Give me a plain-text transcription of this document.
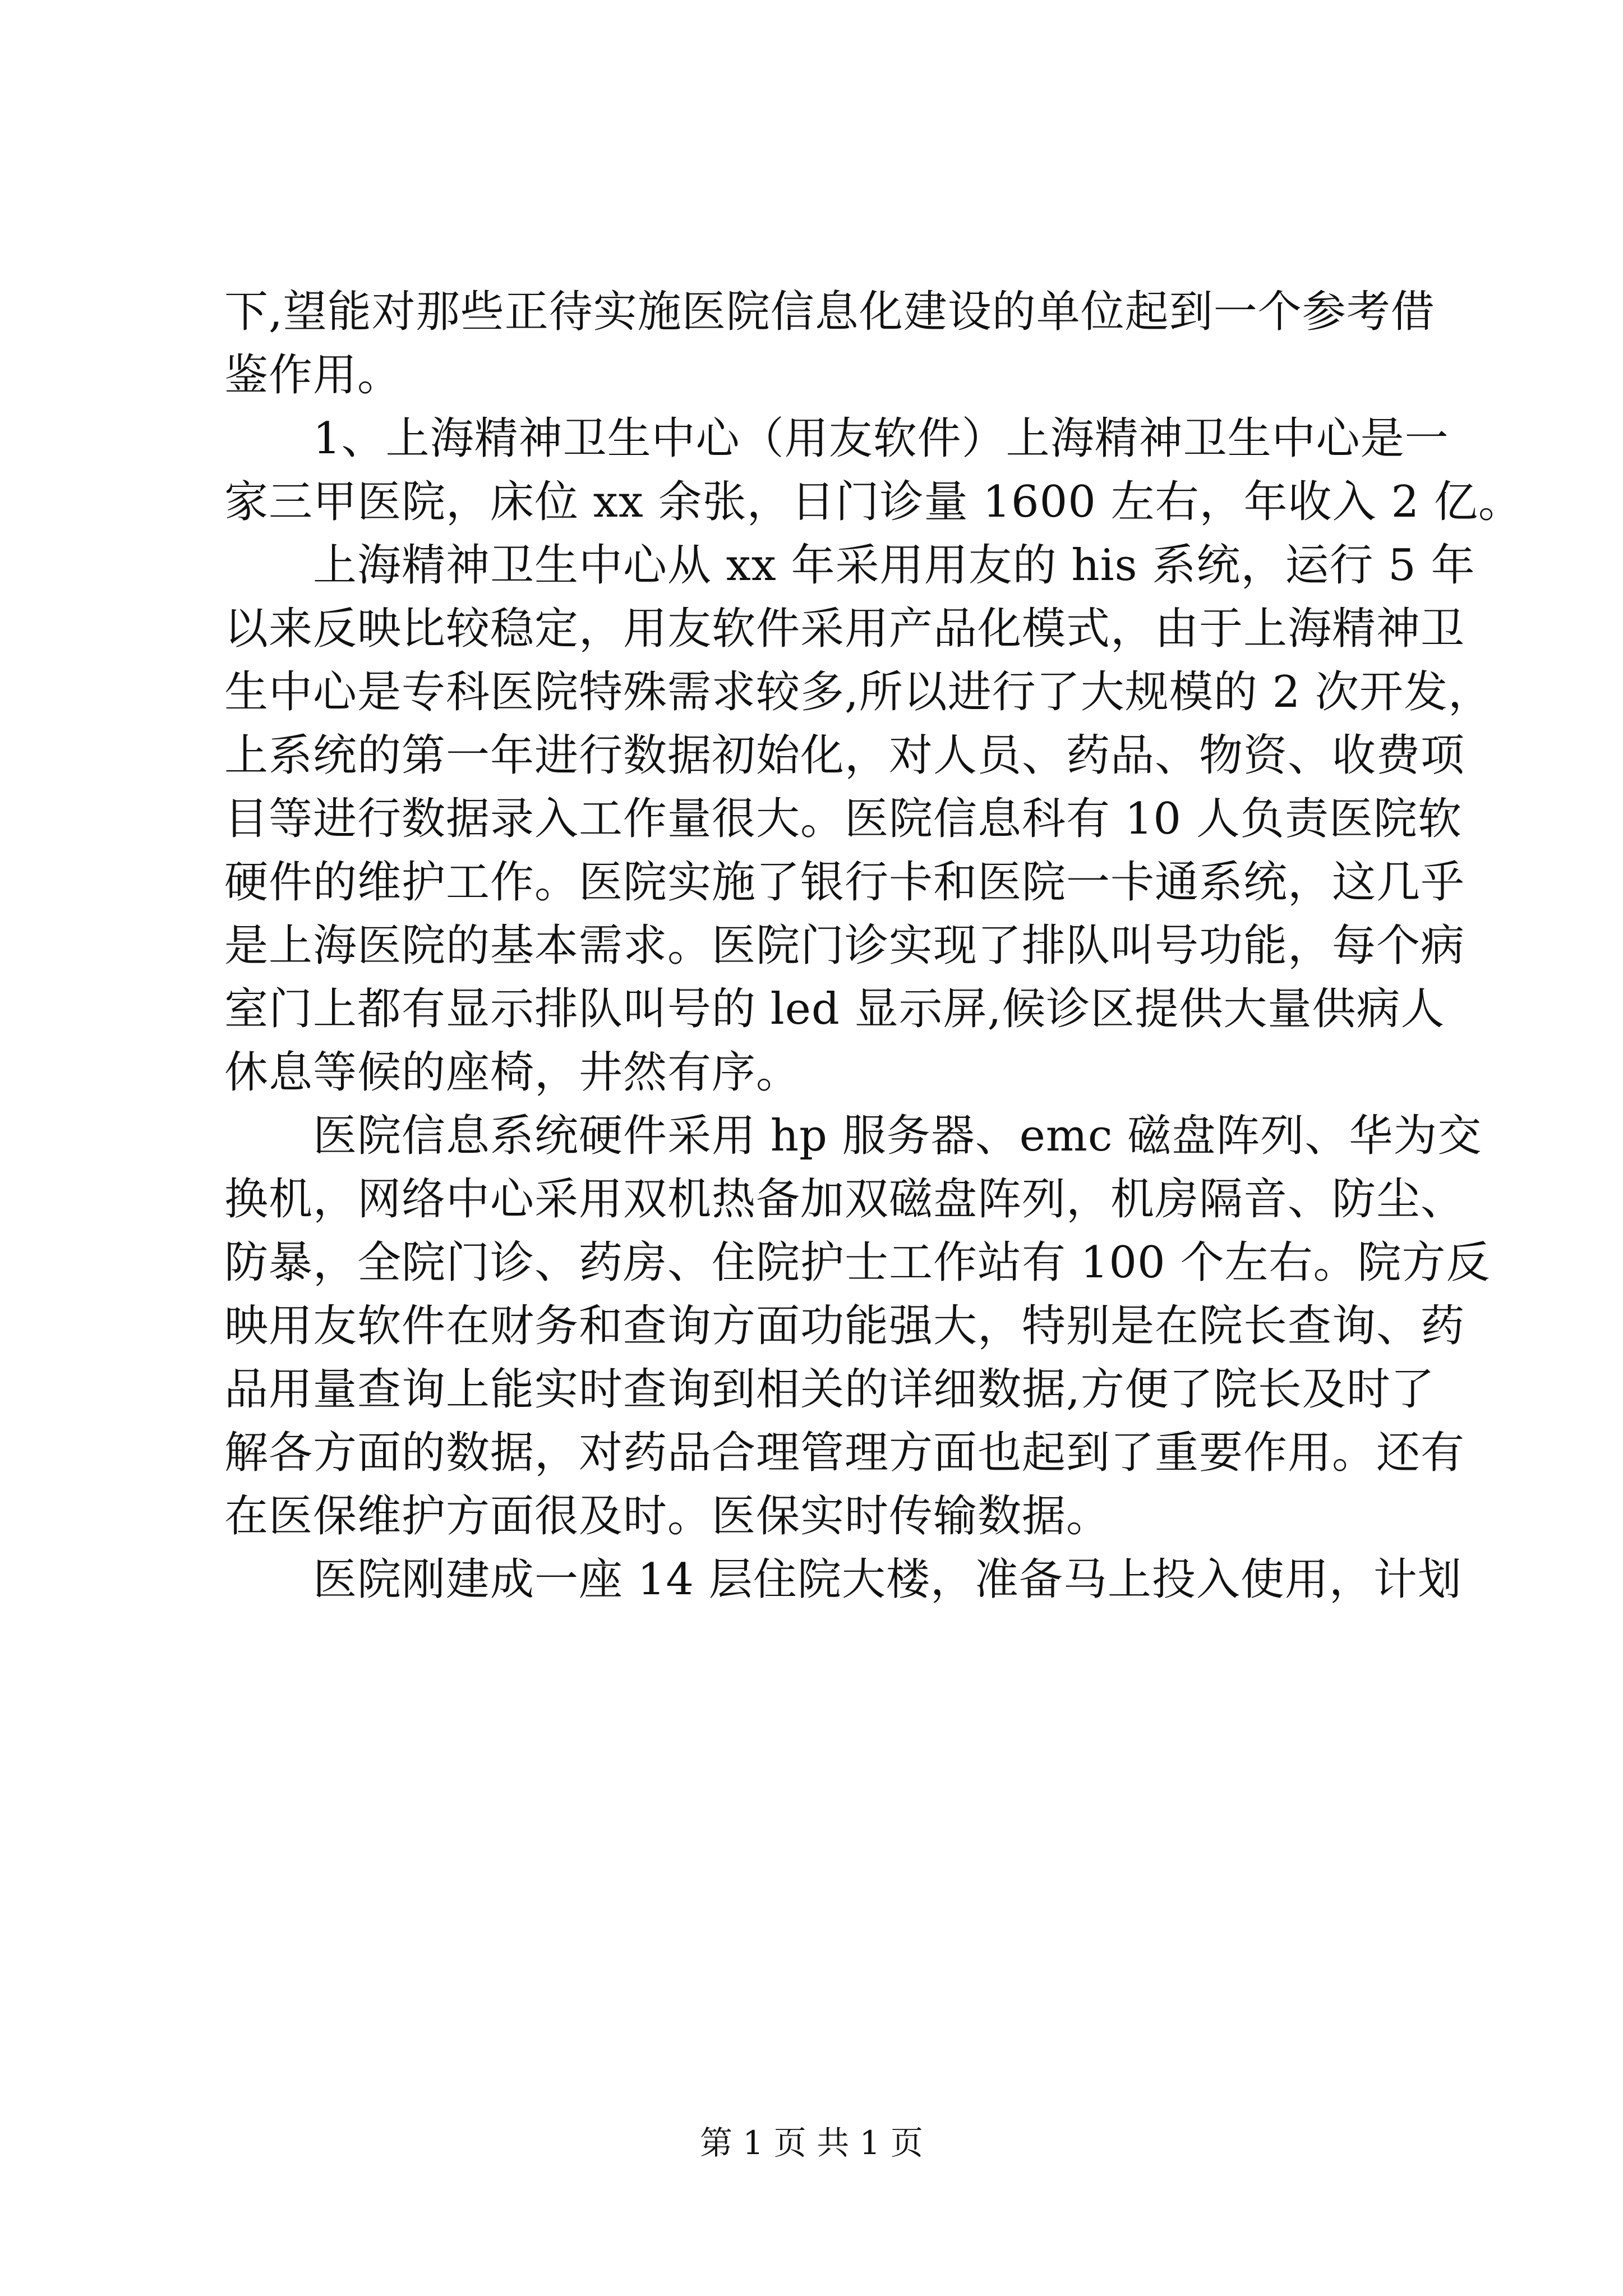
下,望能对那些正待实施医院信息化建设的单位起到一个参考借
鉴作用。
　　1、上海精神卫生中心（用友软件）上海精神卫生中心是一
家三甲医院，床位 xx 余张，日门诊量 1600 左右，年收入 2 亿。
　　上海精神卫生中心从 xx 年采用用友的 his 系统，运行 5 年
以来反映比较稳定，用友软件采用产品化模式，由于上海精神卫
生中心是专科医院特殊需求较多,所以进行了大规模的 2 次开发，
上系统的第一年进行数据初始化，对人员、药品、物资、收费项
目等进行数据录入工作量很大。医院信息科有 10 人负责医院软
硬件的维护工作。医院实施了银行卡和医院一卡通系统，这几乎
是上海医院的基本需求。医院门诊实现了排队叫号功能，每个病
室门上都有显示排队叫号的 led 显示屏,候诊区提供大量供病人
休息等候的座椅，井然有序。
　　医院信息系统硬件采用 hp 服务器、emc 磁盘阵列、华为交
换机，网络中心采用双机热备加双磁盘阵列，机房隔音、防尘、
防暴，全院门诊、药房、住院护士工作站有 100 个左右。院方反
映用友软件在财务和查询方面功能强大，特别是在院长查询、药
品用量查询上能实时查询到相关的详细数据,方便了院长及时了
解各方面的数据，对药品合理管理方面也起到了重要作用。还有
在医保维护方面很及时。医保实时传输数据。
　　医院刚建成一座 14 层住院大楼，准备马上投入使用，计划
第 1 页 共 1 页
